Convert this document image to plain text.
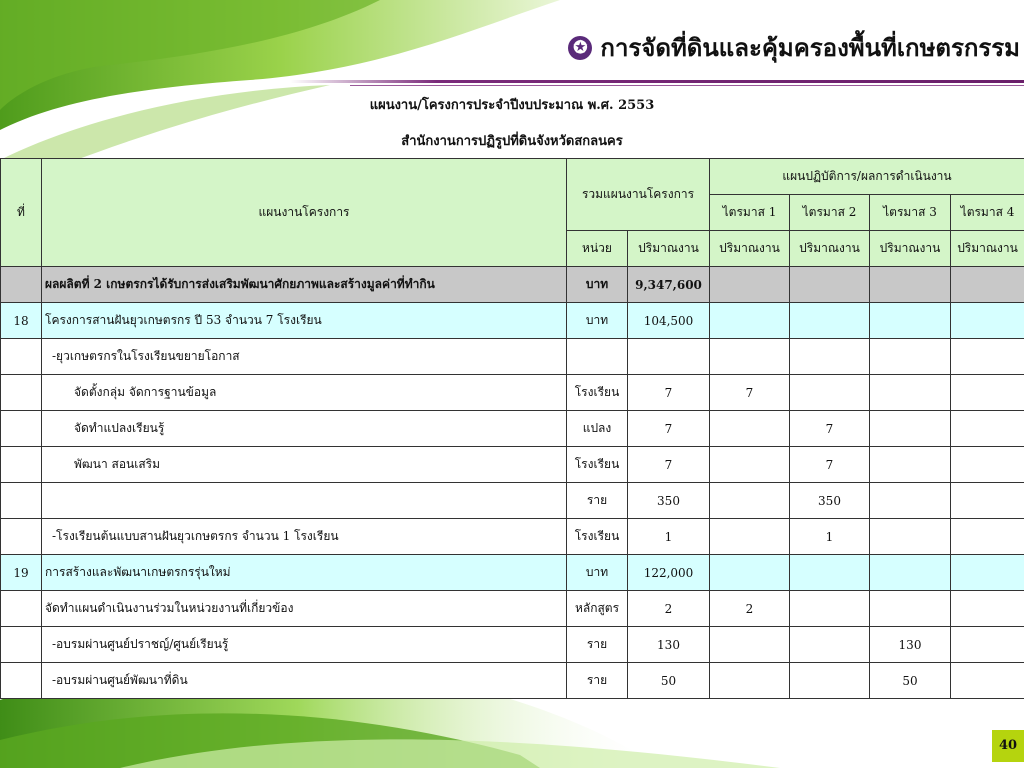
✪ การจัดที่ดินและคุ้มครองพื้นที่เกษตรกรรม
แผนงาน/โครงการประจำปีงบประมาณ พ.ศ. 2553
สำนักงานการปฏิรูปที่ดินจังหวัดสกลนคร
ที่	แผนงานโครงการ	รวมแผนงานโครงการ		แผนปฏิบัติการ/ผลการดำเนินงาน			
				ไตรมาส 1	ไตรมาส 2	ไตรมาส 3	ไตรมาส 4
		หน่วย	ปริมาณงาน	ปริมาณงาน	ปริมาณงาน	ปริมาณงาน	ปริมาณงาน
	ผลผลิตที่ 2 เกษตรกรได้รับการส่งเสริมพัฒนาศักยภาพและสร้างมูลค่าที่ทำกิน	บาท	9,347,600				
18	โครงการสานฝันยุวเกษตรกร ปี 53 จำนวน 7 โรงเรียน	บาท	104,500				
	-ยุวเกษตรกรในโรงเรียนขยายโอกาส						
	จัดตั้งกลุ่ม จัดการฐานข้อมูล	โรงเรียน	7	7			
	จัดทำแปลงเรียนรู้	แปลง	7		7		
	พัฒนา สอนเสริม	โรงเรียน	7		7		
		ราย	350		350		
	-โรงเรียนต้นแบบสานฝันยุวเกษตรกร จำนวน 1 โรงเรียน	โรงเรียน	1		1		
19	การสร้างและพัฒนาเกษตรกรรุ่นใหม่	บาท	122,000				
	จัดทำแผนดำเนินงานร่วมในหน่วยงานที่เกี่ยวข้อง	หลักสูตร	2	2			
	-อบรมผ่านศูนย์ปราชญ์/ศูนย์เรียนรู้	ราย	130			130	
	-อบรมผ่านศูนย์พัฒนาที่ดิน	ราย	50			50	
40
